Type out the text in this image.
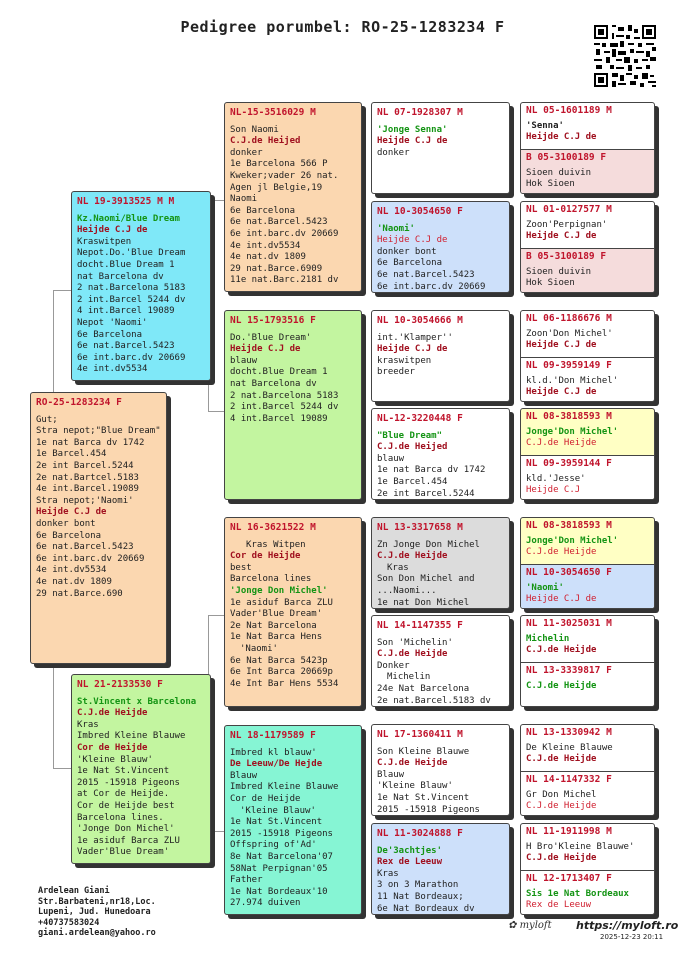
Pedigree porumbel: RO-25-1283234 F
RO-25-1283234 F
Gut;
Stra nepot;"Blue Dream"
1e nat Barca dv 1742
1e Barcel.454
2e int Barcel.5244
2e nat.Bartcel.5183
4e int.Barcel.19089
Stra nepot;'Naomi'
Heijde C.J de
donker bont
6e Barcelona
6e nat.Barcel.5423
6e int.barc.dv 20669
4e int.dv5534
4e nat.dv 1809
29 nat.Barce.690
NL 19-3913525 M M
Kz.Naomi/Blue Dream
Heijde C.J de
Kraswitpen
Nepot.Do.'Blue Dream
docht.Blue Dream 1
nat Barcelona dv
2 nat.Barcelona 5183
2 int.Barcel 5244 dv
4 int.Barcel 19089
Nepot 'Naomi'
6e Barcelona
6e nat.Barcel.5423
6e int.barc.dv 20669
4e int.dv5534
NL 21-2133530 F
St.Vincent x Barcelona
C.J.de Heijde
Kras
Imbred Kleine Blauwe
Cor de Heijde
'Kleine Blauw'
1e Nat St.Vincent
2015 -15918 Pigeons
at Cor de Heijde.
Cor de Heijde best
Barcelona lines.
'Jonge Don Michel'
1e asiduf Barca ZLU
Vader'Blue Dream'
NL-15-3516029 M
Son Naomi
C.J.de Heijed
donker
1e Barcelona 566 P
Kweker;vader 26 nat.
Agen jl Belgie,19
Naomi
6e Barcelona
6e nat.Barcel.5423
6e int.barc.dv 20669
4e int.dv5534
4e nat.dv 1809
29 nat.Barce.6909
11e nat.Barc.2181 dv
NL 15-1793516 F
Do.'Blue Dream'
Heijde C.J de
blauw
docht.Blue Dream 1
nat Barcelona dv
2 nat.Barcelona 5183
2 int.Barcel 5244 dv
4 int.Barcel 19089
NL 16-3621522 M
Kras Witpen
Cor de Heijde
best
Barcelona lines
'Jonge Don Michel'
1e asiduf Barca ZLU
Vader'Blue Dream'
2e Nat Barcelona
1e Nat Barca Hens
'Naomi'
6e Nat Barca 5423p
6e Int Barca 20669p
4e Int Bar Hens 5534
NL 18-1179589 F
Imbred kl blauw'
De Leeuw/De Hejde
Blauw
Imbred Kleine Blauwe
Cor de Heijde
'Kleine Blauw'
1e Nat St.Vincent
2015 -15918 Pigeons
Offspring of'Ad'
8e Nat Barcelona'07
58Nat Perpignan'05
Father
1e Nat Bordeaux'10
27.974 duiven
NL 07-1928307 M
'Jonge Senna'
Heijde C.J de
donker
NL 10-3054650 F
'Naomi'
Heijde C.J de
donker bont
6e Barcelona
6e nat.Barcel.5423
6e int.barc.dv 20669
NL 10-3054666 M
int.'Klamper''
Heijde C.J de
kraswitpen
breeder
NL-12-3220448 F
"Blue Dream"
C.J.de Heijed
blauw
1e nat Barca dv 1742
1e Barcel.454
2e int Barcel.5244
NL 13-3317658 M
Zn Jonge Don Michel
C.J.de Heijde
Kras
Son Don Michel and
...Naomi...
1e nat Don Michel
NL 14-1147355 F
Son 'Michelin'
C.J.de Heijde
Donker
Michelin
24e Nat Barcelona
2e nat.Barcel.5183 dv
NL 17-1360411 M
Son Kleine Blauwe
C.J.de Heijde
Blauw
'Kleine Blauw'
1e Nat St.Vincent
2015 -15918 Pigeons
NL 11-3024888 F
De'3achtjes'
Rex de Leeuw
Kras
3 on 3 Marathon
11 Nat Bordeaux;
6e Nat Bordeaux dv
NL 05-1601189 M
'Senna'
Heijde C.J de
B 05-3100189 F
Sioen duivin
Hok Sioen
NL 01-0127577 M
Zoon'Perpignan'
Heijde C.J de
B 05-3100189 F
Sioen duivin
Hok Sioen
NL 06-1186676 M
Zoon'Don Michel'
Heijde C.J de
NL 09-3959149 F
kl.d.'Don Michel'
Heijde C.J de
NL 08-3818593 M
Jonge'Don Michel'
C.J.de Heijde
NL 09-3959144 F
kld.'Jesse'
Heijde C.J
NL 08-3818593 M
Jonge'Don Michel'
C.J.de Heijde
NL 10-3054650 F
'Naomi'
Heijde C.J de
NL 11-3025031 M
Michelin
C.J.de Heijde
NL 13-3339817 F
C.J.de Heijde
NL 13-1330942 M
De Kleine Blauwe
C.J.de Heijde
NL 14-1147332 F
Gr Don Michel
C.J.de Heijde
NL 11-1911998 M
H Bro'Kleine Blauwe'
C.J.de Heijde
NL 12-1713407 F
Sis 1e Nat Bordeaux
Rex de Leeuw
Ardelean Giani
Str.Barbateni,nr18,Loc.
Lupeni, Jud. Hunedoara
+40737583024
giani.ardelean@yahoo.ro
✿ myloft https://myloft.ro
2025-12-23 20:11
